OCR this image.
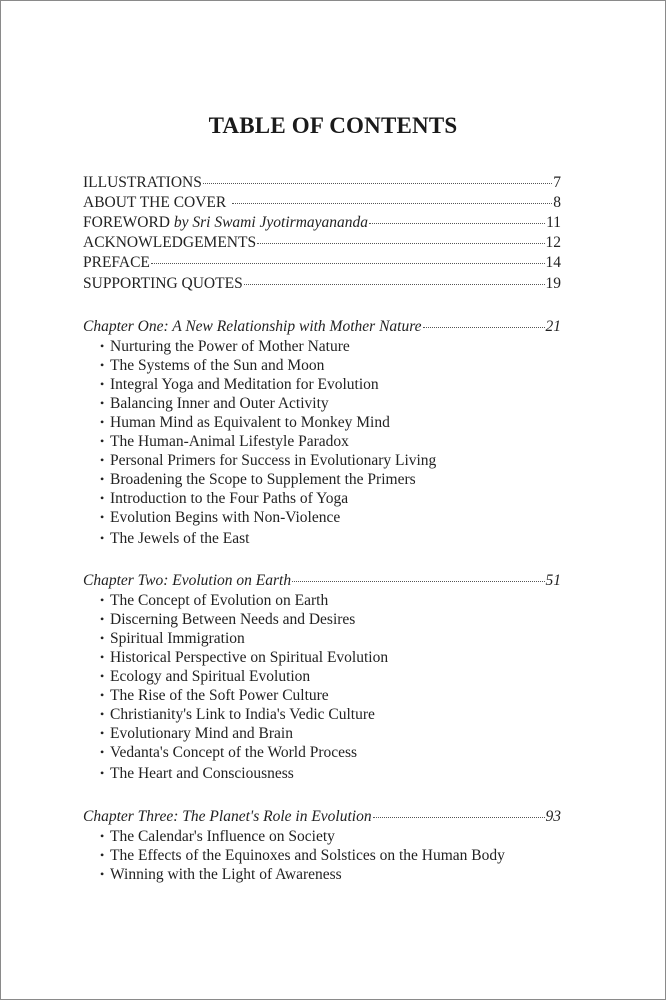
TABLE OF CONTENTS
ILLUSTRATIONS	7
ABOUT THE COVER	8
FOREWORD by Sri Swami Jyotirmayananda	11
ACKNOWLEDGEMENTS	12
PREFACE	14
SUPPORTING QUOTES	19
Chapter One: A New Relationship with Mother Nature	21
• Nurturing the Power of Mother Nature
• The Systems of the Sun and Moon
• Integral Yoga and Meditation for Evolution
• Balancing Inner and Outer Activity
• Human Mind as Equivalent to Monkey Mind
• The Human-Animal Lifestyle Paradox
• Personal Primers for Success in Evolutionary Living
• Broadening the Scope to Supplement the Primers
• Introduction to the Four Paths of Yoga
• Evolution Begins with Non-Violence
• The Jewels of the East
Chapter Two: Evolution on Earth	51
• The Concept of Evolution on Earth
• Discerning Between Needs and Desires
• Spiritual Immigration
• Historical Perspective on Spiritual Evolution
• Ecology and Spiritual Evolution
• The Rise of the Soft Power Culture
• Christianity's Link to India's Vedic Culture
• Evolutionary Mind and Brain
• Vedanta's Concept of the World Process
• The Heart and Consciousness
Chapter Three: The Planet's Role in Evolution	93
• The Calendar's Influence on Society
• The Effects of the Equinoxes and Solstices on the Human Body
• Winning with the Light of Awareness
